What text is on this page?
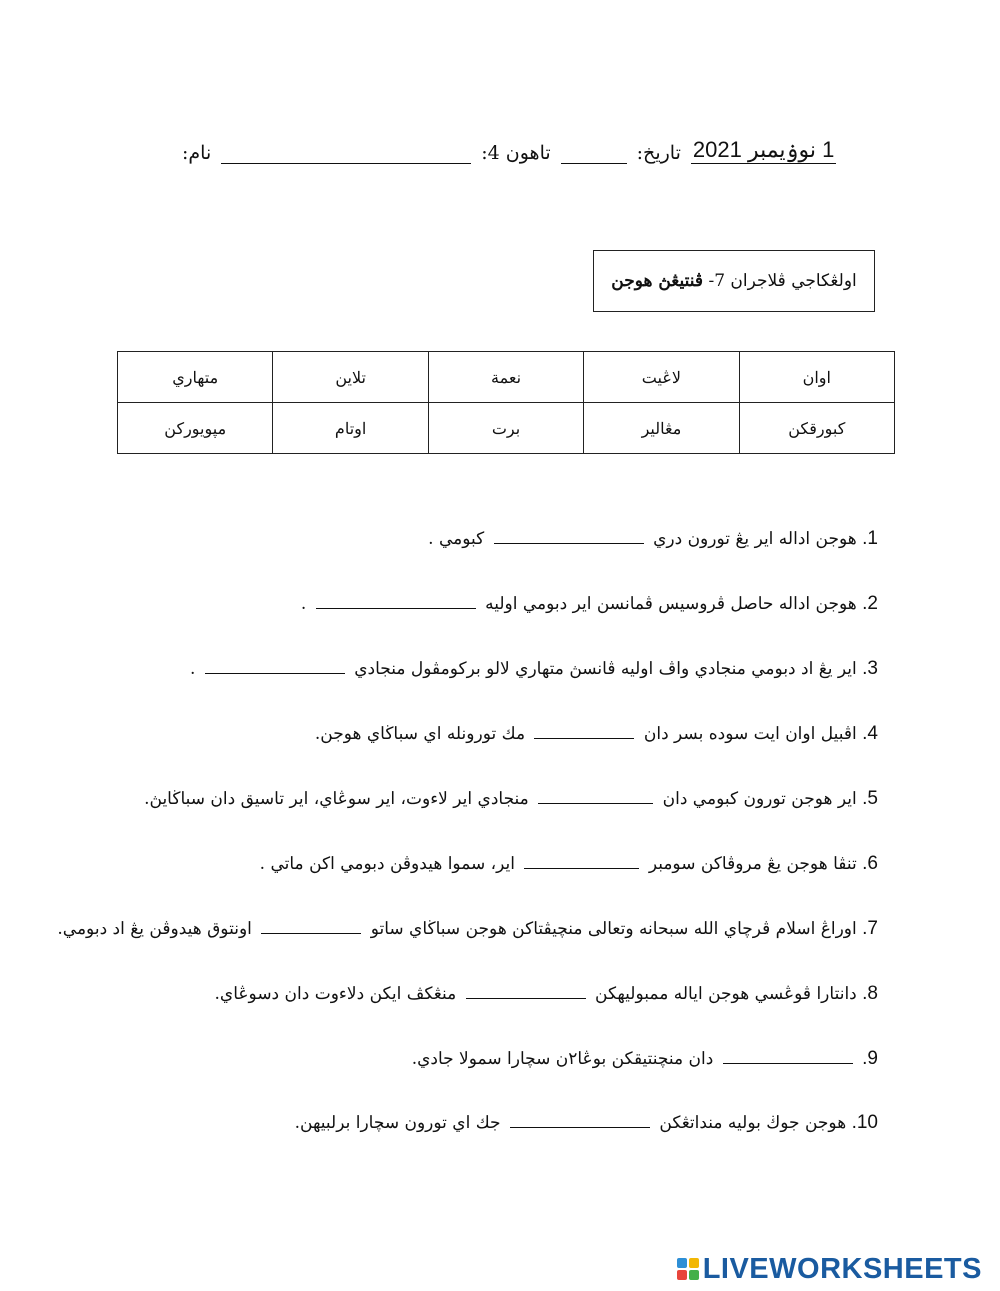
نام:	تاهون 4:	تاريخ: 1 نوۏيمبر 2021
اولڠکاجي ڤلاجران 7-

ڤنتيڠڽ هوجن
اوان	لاڠيت	نعمة	تلاين	متهاري
کبورقکن	مڠالير	برت	اوتام	مپويورکن
1. هوجن اداله اير يڠ تورون دري  کبومي .
2. هوجن اداله حاصل ڤروسيس ڤمانسن اير دبومي اوليه  .
3. اير يڠ اد دبومي منجادي واڤ اوليه ڤانسڽ متهاري لالو برکومڤول منجادي  .
4. اڤبيل اوان ايت سوده بسر دان  مك تورونله اي سباڬاي هوجن.
5. اير هوجن تورون کبومي دان  منجادي اير لاءوت، اير سوڠاي، اير تاسيق دان سباڬايڽ.
6. تنڤا هوجن يڠ مروڤاکن سومبر  اير، سموا هيدوڤن دبومي اکن ماتي .
7. اوراڠ اسلام ڤرچاي الله سبحانه وتعالى منچيڤتاکن هوجن سباڬاي ساتو  اونتوق هيدوڤن يڠ اد دبومي.
8. دانتارا ڤوڠسي هوجن اياله ممبوليهکن  منڠکڤ ايکن دلاءوت دان دسوڠاي.
9.  دان منچنتيقکن بوڠا٢ن سچارا سمولا جادي.
10. هوجن جوڬ بوليه منداتڠکن  جك اي تورون سچارا برلبيهن.
LIVEWORKSHEETS
